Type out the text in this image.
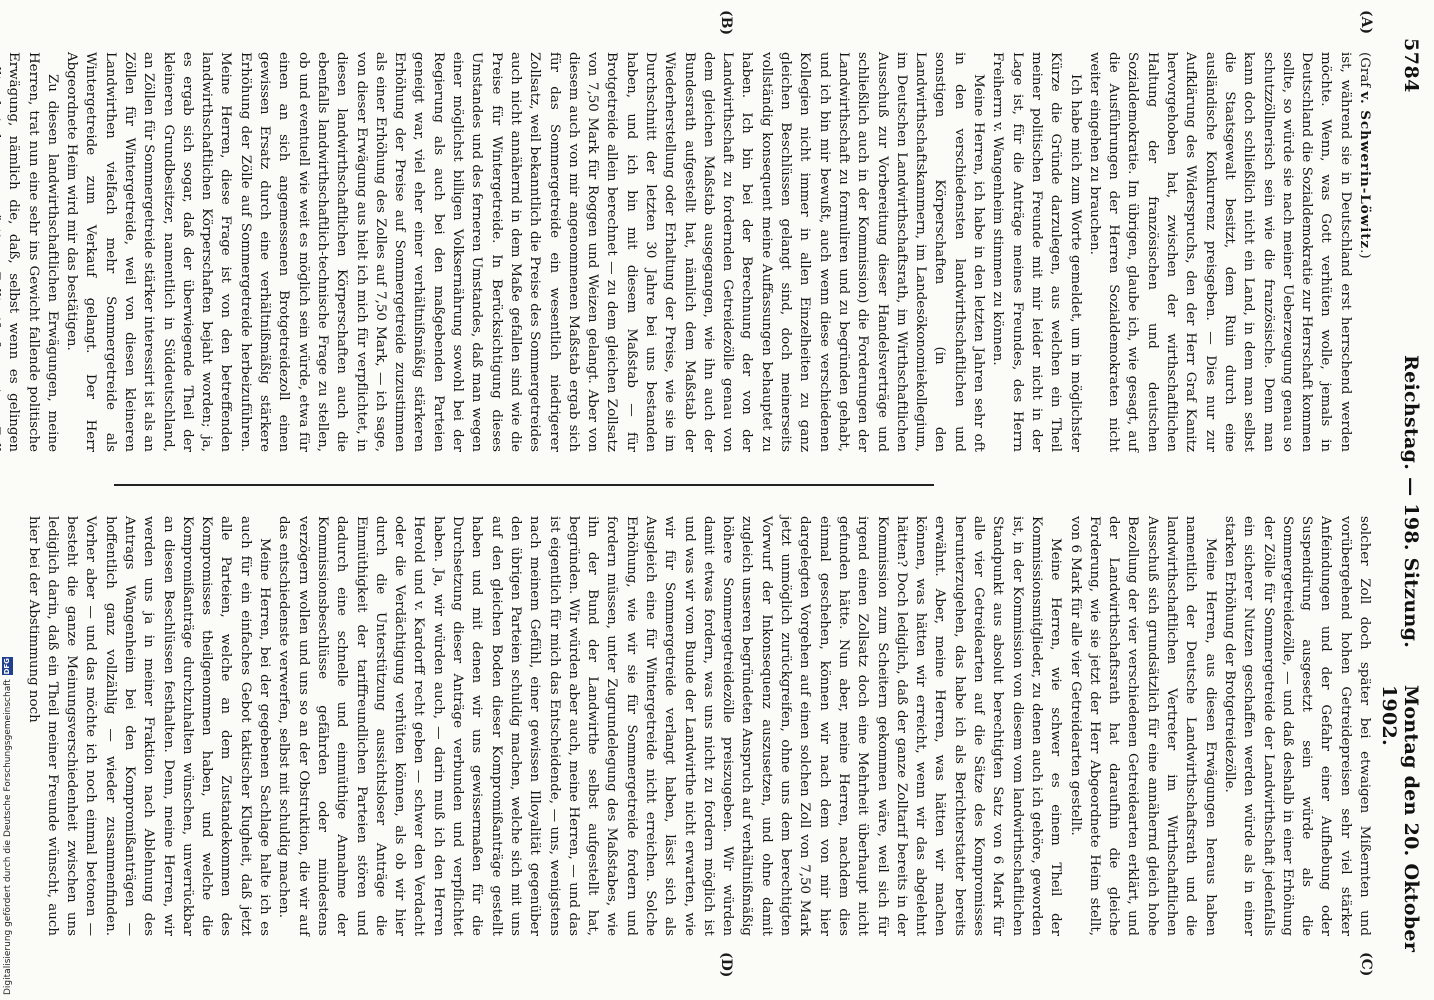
5784
Reichstag. — 198. Sitzung.
Montag den 20. Oktober 1902.
(A)
(B)
(C)
(D)

(Graf v. Schwerin-Löwitz.)

ist, während sie in Deutschland erst herrschend werden möchte. Wenn, was Gott verhüten wolle, jemals in Deutschland die Sozialdemokratie zur Herrschaft kommen sollte, so würde sie nach meiner Ueberzeugung genau so schutzzöllnerisch sein wie die französische. Denn man kann doch schließlich nicht ein Land, in dem man selbst die Staatsgewalt besitzt, dem Ruin durch eine ausländische Konkurrenz preisgeben. — Dies nur zur Aufklärung des Widerspruchs, den der Herr Graf Kanitz hervorgehoben hat, zwischen der wirthschaftlichen Haltung der französischen und deutschen Sozialdemokratie. Im übrigen, glaube ich, wie gesagt, auf die Ausführungen der Herren Sozialdemokraten nicht weiter eingehen zu brauchen.

Ich habe mich zum Worte gemeldet, um in möglichster Kürze die Gründe darzulegen, aus welchen ein Theil meiner politischen Freunde mit mir leider nicht in der Lage ist, für die Anträge meines Freundes, des Herrn Freiherrn v. Wangenheim stimmen zu können.

Meine Herren, ich habe in den letzten Jahren sehr oft in den verschiedensten landwirthschaftlichen und sonstigen Körperschaften (in den Landwirthschaftskammern, im Landesökonomiekollegium, im Deutschen Landwirthschaftsrath, im Wirthschaftlichen Ausschuß zur Vorbereitung dieser Handelsverträge und schließlich auch in der Kommission) die Forderungen der Landwirthschaft zu formuliren und zu begründen gehabt, und ich bin mir bewußt, auch wenn diese verschiedenen Kollegien nicht immer in allen Einzelheiten zu ganz gleichen Beschlüssen gelangt sind, doch meinerseits vollständig konsequent meine Auffassungen behauptet zu haben. Ich bin bei der Berechnung der von der Landwirthschaft zu fordernden Getreidezölle genau von dem gleichen Maßstab ausgegangen, wie ihn auch der Bundesrath aufgestellt hat, nämlich dem Maßstab der Wiederherstellung oder Erhaltung der Preise, wie sie im Durchschnitt der letzten 30 Jahre bei uns bestanden haben, und ich bin mit diesem Maßstab — für Brotgetreide allein berechnet — zu dem gleichen Zollsatz von 7,50 Mark für Roggen und Weizen gelangt. Aber von diesem auch von mir angenommenen Maßstab ergab sich für das Sommergetreide ein wesentlich niedrigerer Zollsatz, weil bekanntlich die Preise des Sommergetreides auch nicht annähernd in dem Maße gefallen sind wie die Preise für Wintergetreide. In Berücksichtigung dieses Umstandes und des ferneren Umstandes, daß man wegen einer möglichst billigen Volksernährung sowohl bei der Regierung als auch bei den maßgebenden Parteien geneigt war, viel eher einer verhältnißmäßig stärkeren Erhöhung der Preise auf Sommergetreide zuzustimmen als einer Erhöhung des Zolles auf 7,50 Mark, — ich sage, von dieser Erwägung aus hielt ich mich für verpflichtet, in diesen landwirthschaftlichen Körperschaften auch die ebenfalls landwirthschaftlich-technische Frage zu stellen, ob und eventuell wie weit es möglich sein würde, etwa für einen an sich angemessenen Brotgetreidezoll einen gewissen Ersatz durch eine verhältnißmäßig stärkere Erhöhung der Zölle auf Sommergetreide herbeizuführen. Meine Herren, diese Frage ist von den betreffenden landwirthschaftlichen Körperschaften bejaht worden; ja, es ergab sich sogar, daß der überwiegende Theil der kleineren Grundbesitzer, namentlich in Süddeutschland, an Zöllen für Sommergetreide stärker interessirt ist als an Zöllen für Wintergetreide, weil von diesen kleineren Landwirthen vielfach mehr Sommergetreide als Wintergetreide zum Verkauf gelangt. Der Herr Abgeordnete Heim wird mir das bestätigen.

Zu diesen landwirthschaftlichen Erwägungen, meine Herren, trat nun eine sehr ins Gewicht fallende politische Erwägung, nämlich die, daß, selbst wenn es gelingen

solcher Zoll doch später bei etwaigen Mißernten und vorübergehend hohen Getreidepreisen sehr viel stärker Anfeindungen und der Gefahr einer Aufhebung oder Suspendirung ausgesetzt sein würde als die Sommergetreidezölle, — und daß deshalb in einer Erhöhung der Zölle für Sommergetreide der Landwirthschaft jedenfalls ein sicherer Nutzen geschaffen werden würde als in einer starken Erhöhung der Brotgetreidezölle.

Meine Herren, aus diesen Erwägungen heraus haben namentlich der Deutsche Landwirthschaftsrath und die landwirthschaftlichen Vertreter im Wirthschaftlichen Ausschuß sich grundsätzlich für eine annähernd gleich hohe Bezollung der vier verschiedenen Getreidearten erklärt, und der Landwirthschaftsrath hat daraufhin die gleiche Forderung, wie sie jetzt der Herr Abgeordnete Heim stellt, von 6 Mark für alle vier Getreidearten gestellt.

Meine Herren, wie schwer es einem Theil der Kommissionsmitglieder, zu denen auch ich gehöre, geworden ist, in der Kommission von diesem vom landwirthschaftlichen Standpunkt aus absolut berechtigten Satz von 6 Mark für alle vier Getreidearten auf die Sätze des Kompromisses herunterzugehen, das habe ich als Berichterstatter bereits erwähnt. Aber, meine Herren, was hätten wir machen können, was hätten wir erreicht, wenn wir das abgelehnt hätten? Doch lediglich, daß der ganze Zolltarif bereits in der Kommission zum Scheitern gekommen wäre, weil sich für irgend einen Zollsatz doch eine Mehrheit überhaupt nicht gefunden hätte. Nun aber, meine Herren, nachdem dies einmal geschehen, können wir nach dem von mir hier dargelegten Vorgehen auf einen solchen Zoll von 7,50 Mark jetzt unmöglich zurückgreifen, ohne uns dem berechtigten Vorwurf der Inkonsequenz auszusetzen, und ohne damit zugleich unseren begründeten Anspruch auf verhältnißmäßig höhere Sommergetreidezölle preiszugeben. Wir würden damit etwas fordern, was uns nicht zu fordern möglich ist und was wir vom Bunde der Landwirthe nicht erwarten, wie wir für Sommergetreide verlangt haben, lässt sich als Ausgleich eine für Wintergetreide nicht erreichen. Solche Erhöhung, wie wir sie für Sommergetreide fordern und fordern müssen, unter Zugrundelegung des Maßstabes, wie ihn der Bund der Landwirthe selbst aufgestellt hat, begründen. Wir würden aber auch, meine Herren, — und das ist eigentlich für mich das Entscheidende, — uns, wenigstens nach meinem Gefühl, einer gewissen Illoyalität gegenüber den übrigen Parteien schuldig machen, welche sich mit uns auf den gleichen Boden dieser Kompromißanträge gestellt haben und mit denen wir uns gewissermaßen für die Durchsetzung dieser Anträge verbunden und verpflichtet haben. Ja, wir würden auch, — darin muß ich den Herren Herold und v. Kardorff recht geben — schwer den Verdacht oder die Verdächtigung verhüten können, als ob wir hier durch die Unterstützung aussichtsloser Anträge die Einmüthigkeit der tariffreundlichen Parteien stören und dadurch eine schnelle und einmüthige Annahme der Kommissionsbeschlüsse gefährden oder mindestens verzögern wollen und uns so an der Obstruktion, die wir auf das entschiedenste verwerfen, selbst mit schuldig machen.

Meine Herren, bei der gegebenen Sachlage halte ich es auch für ein einfaches Gebot taktischer Klugheit, daß jetzt alle Parteien, welche an dem Zustandekommen des Kompromisses theilgenommen haben, und welche die Kompromißanträge durchzuhalten wünschen, unverrückbar an diesen Beschlüssen festhalten. Denn, meine Herren, wir werden uns ja in meiner Fraktion nach Ablehnung des Antrags Wangenheim bei den Kompromißanträgen — hoffentlich ganz vollzählig — wieder zusammenfinden. Vorher aber — und das möchte ich noch einmal betonen — besteht die ganze Meinungsverschiedenheit zwischen uns lediglich darin, daß ein Theil meiner Freunde wünscht, auch hier bei der Abstimmung noch

Digitalisierung gefördert durch die Deutsche Forschungsgemeinschaft
DFG
